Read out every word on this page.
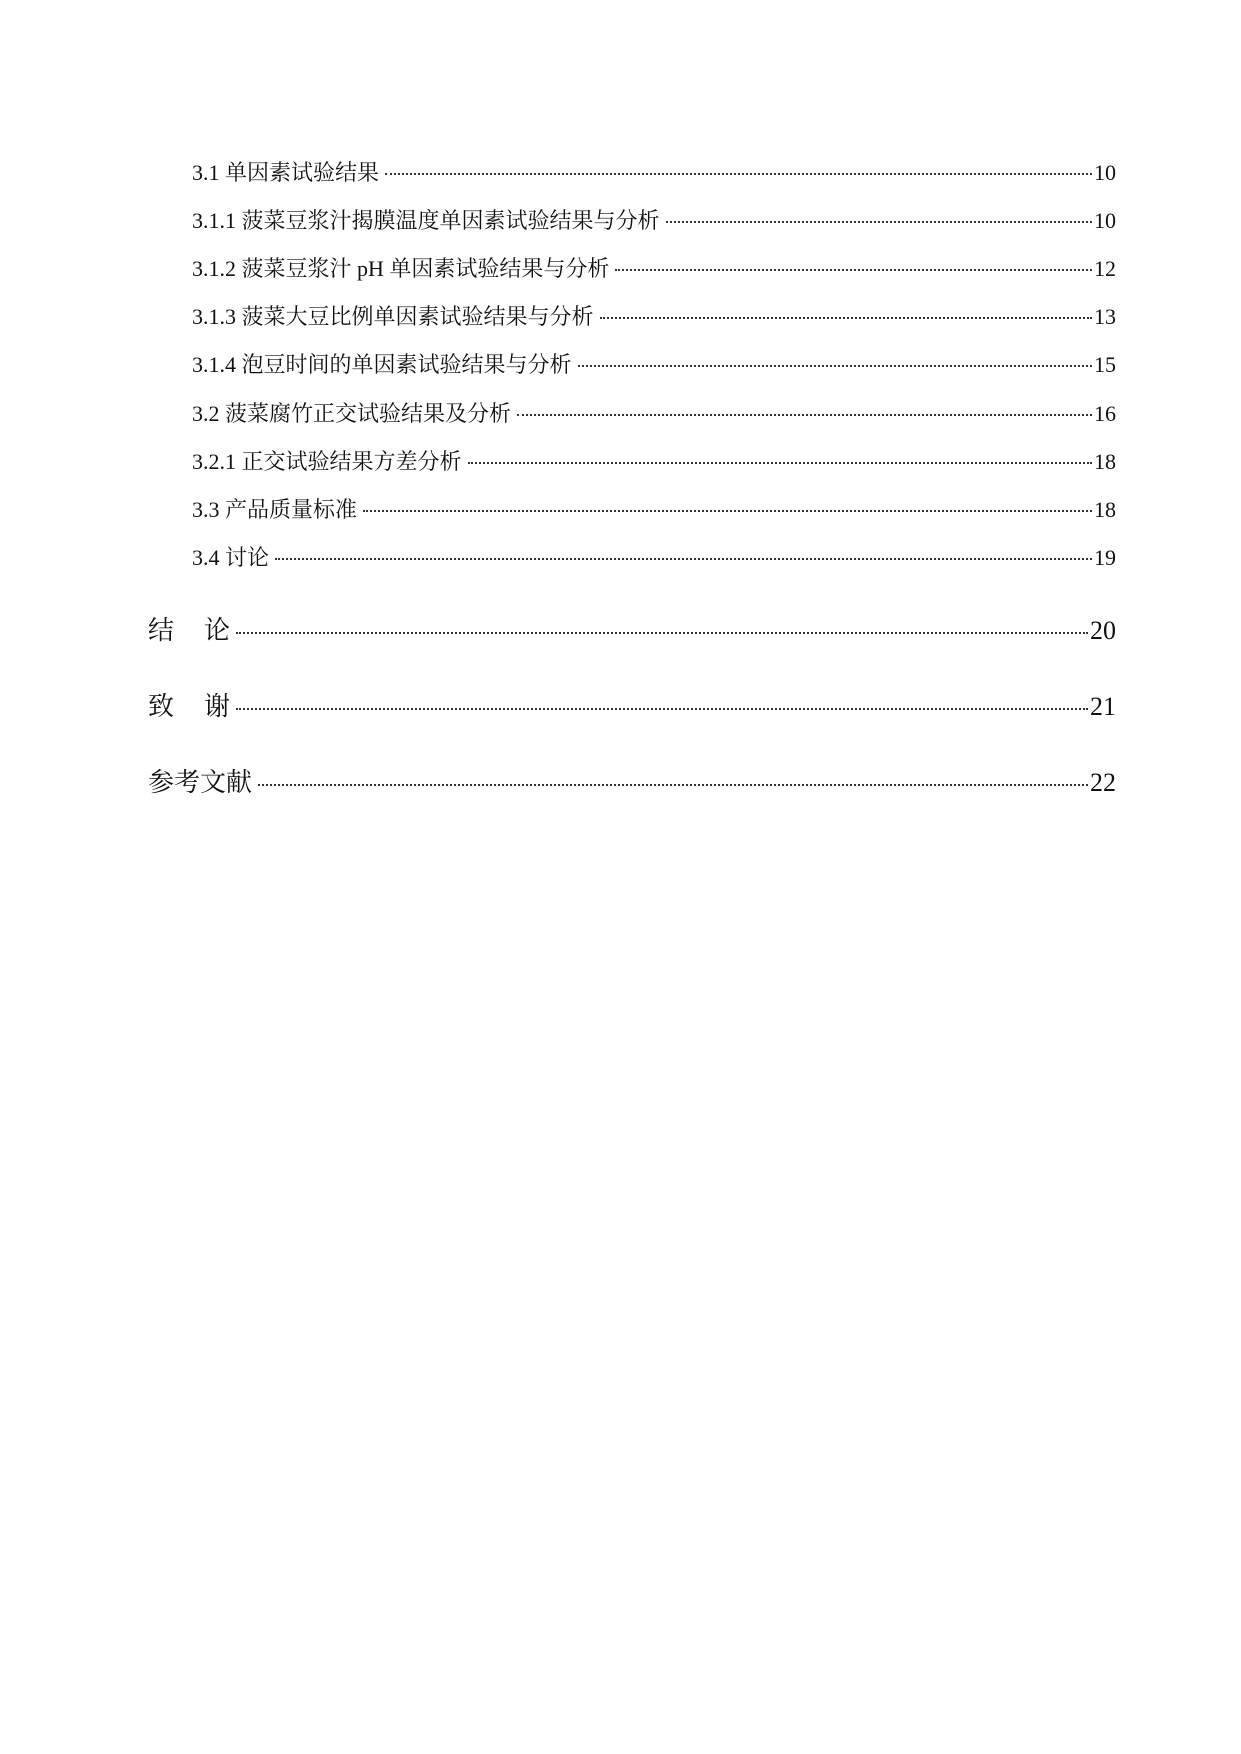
3.1 单因素试验结果	10
3.1.1 菠菜豆浆汁揭膜温度单因素试验结果与分析	10
3.1.2 菠菜豆浆汁 pH 单因素试验结果与分析	12
3.1.3 菠菜大豆比例单因素试验结果与分析	13
3.1.4 泡豆时间的单因素试验结果与分析	15
3.2 菠菜腐竹正交试验结果及分析	16
3.2.1 正交试验结果方差分析	18
3.3 产品质量标准	18
3.4 讨论	19
结论	20
致谢	21
参考文献	22
